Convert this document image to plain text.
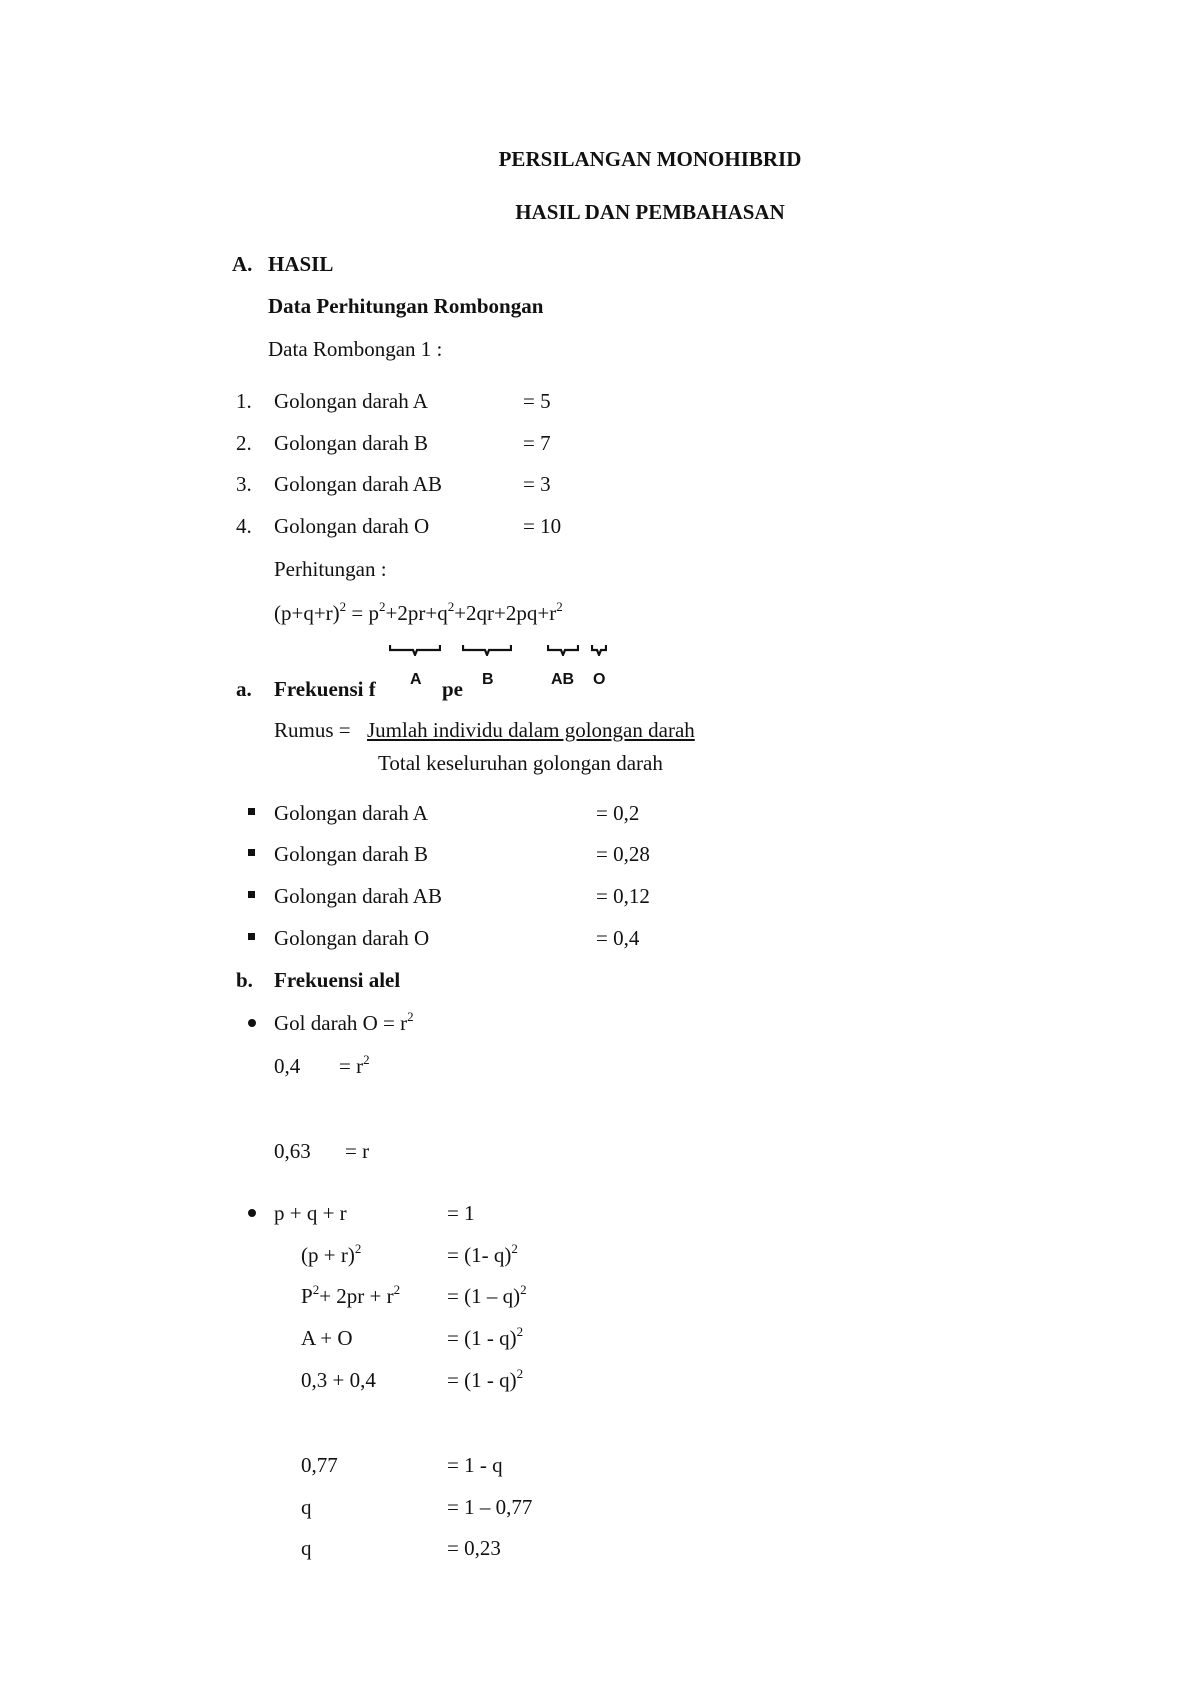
PERSILANGAN MONOHIBRID
HASIL DAN PEMBAHASAN
A. HASIL
Data Perhitungan Rombongan
Data Rombongan 1 :
1. Golongan darah A	= 5
2. Golongan darah B	= 7
3. Golongan darah AB	= 3
4. Golongan darah O	= 10
Perhitungan :
$(p+q+r)^2 = p^2+2pr+q^2+2qr+2pq+r^2$
A	B	AB O
a. Frekuensi f	pe
Rumus = Jumlah individu dalam golongan darah
Total keseluruhan golongan darah
Golongan darah A	= 0,2
Golongan darah B	= 0,28
Golongan darah AB	= 0,12
Golongan darah O	= 0,4
b. Frekuensi alel
Gol darah $O = r^2$
$0,4 = r^2$
0,63 = r
p + q + r	= 1
$(p + r)^2$	= (1- q)$^2$
$P^2+ 2pr + r^2 = (1 - q)^2$
A + O	= (1 - q)$^2$
0,3 + 0,4	= (1 - q)$^2$
0,77	= 1 - q
q	= 1 – 0,77
q	= 0,23
